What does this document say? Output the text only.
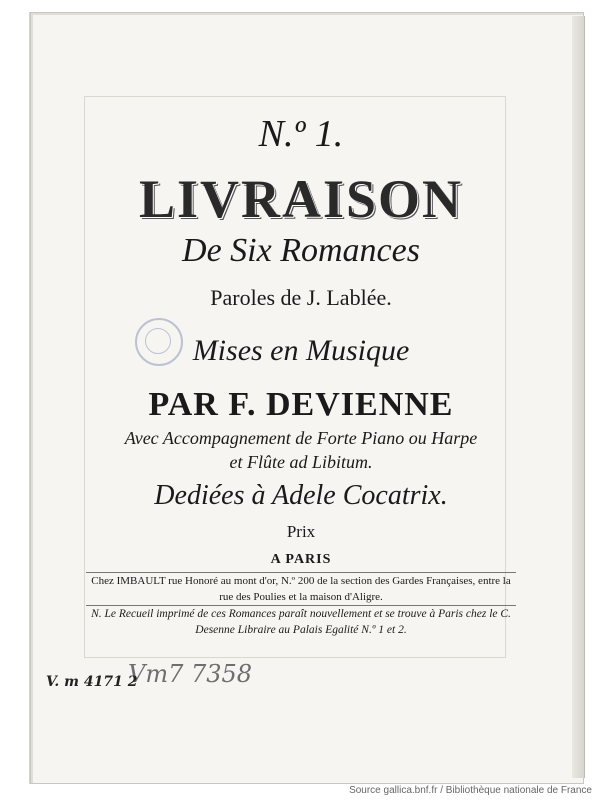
N.º 1.
LIVRAISON
De Six Romances
Paroles de J. Lablée.
Mises en Musique
PAR F. DEVIENNE
Avec Accompagnement de Forte Piano ou Harpe
et Flûte ad Libitum.
Dediées à Adele Cocatrix.
Prix
A PARIS
Chez IMBAULT rue Honoré au mont d'or, N.º 200 de la section des Gardes Françaises, entre la rue des Poulies et la maison d'Aligre.
N. Le Recueil imprimé de ces Romances paraît nouvellement et se trouve à Paris chez le C. Desenne Libraire au Palais Egalité N.º 1 et 2.
Vm7 7358
V. m 4171 2
Source gallica.bnf.fr / Bibliothèque nationale de France
